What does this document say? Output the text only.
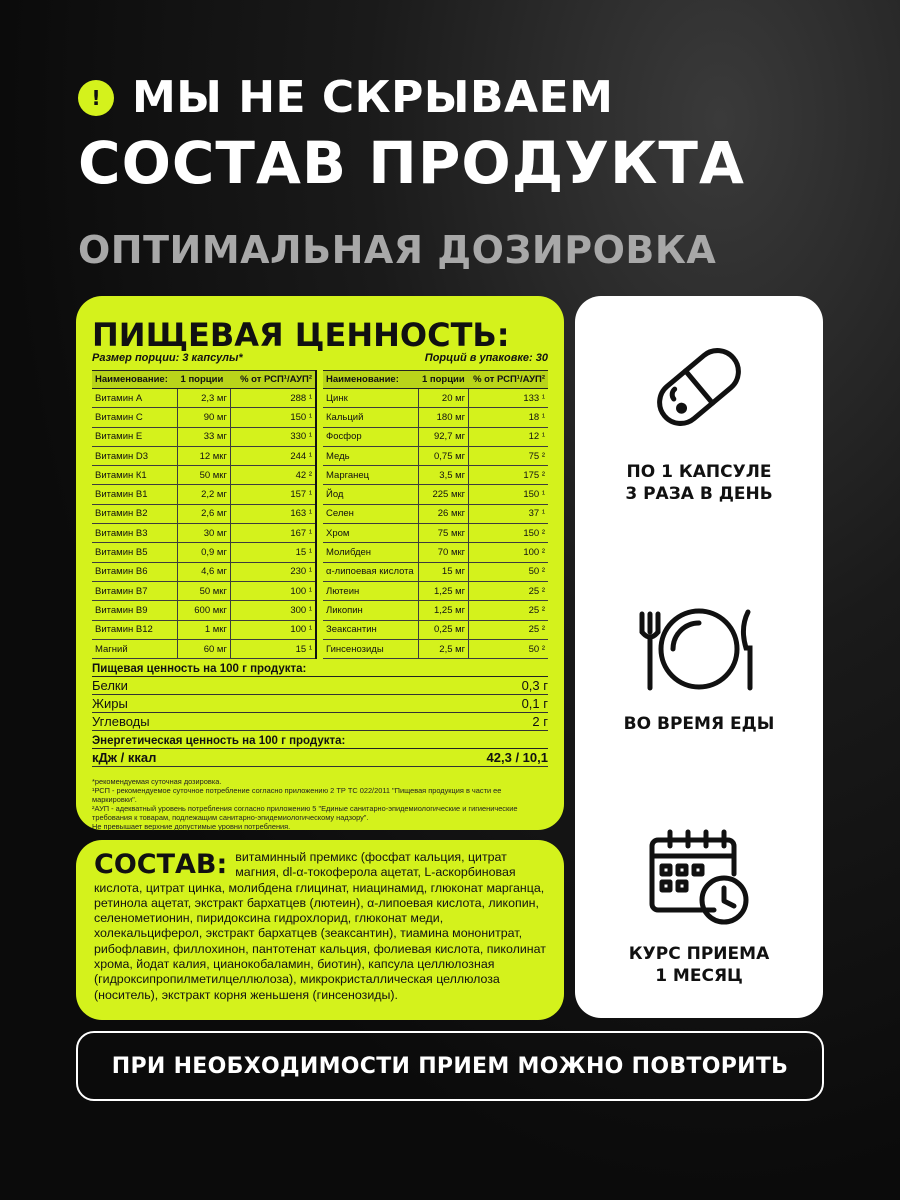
! МЫ НЕ СКРЫВАЕМ
СОСТАВ ПРОДУКТА
ОПТИМАЛЬНАЯ ДОЗИРОВКА
ПИЩЕВАЯ ЦЕННОСТЬ:
Размер порции: 3 капсулы*	Порций в упаковке: 30
Наименование:	1 порции	% от РСП¹/АУП²
Витамин А	2,3 мг	288 ¹
Витамин С	90 мг	150 ¹
Витамин Е	33 мг	330 ¹
Витамин D3	12 мкг	244 ¹
Витамин К1	50 мкг	42 ²
Витамин В1	2,2 мг	157 ¹
Витамин В2	2,6 мг	163 ¹
Витамин В3	30 мг	167 ¹
Витамин В5	0,9 мг	15 ¹
Витамин В6	4,6 мг	230 ¹
Витамин В7	50 мкг	100 ¹
Витамин В9	600 мкг	300 ¹
Витамин В12	1 мкг	100 ¹
Магний	60 мг	15 ¹
Наименование:	1 порции	% от РСП¹/АУП²
Цинк	20 мг	133 ¹
Кальций	180 мг	18 ¹
Фосфор	92,7 мг	12 ¹
Медь	0,75 мг	75 ²
Марганец	3,5 мг	175 ²
Йод	225 мкг	150 ¹
Селен	26 мкг	37 ¹
Хром	75 мкг	150 ²
Молибден	70 мкг	100 ²
α-липоевая кислота	15 мг	50 ²
Лютеин	1,25 мг	25 ²
Ликопин	1,25 мг	25 ²
Зеаксантин	0,25 мг	25 ²
Гинсенозиды	2,5 мг	50 ²
Пищевая ценность на 100 г продукта:
Белки	0,3 г
Жиры	0,1 г
Углеводы	2 г
Энергетическая ценность на 100 г продукта:
кДж / ккал	42,3 / 10,1
*рекомендуемая суточная дозировка.
¹РСП - рекомендуемое суточное потребление согласно приложению 2 ТР ТС 022/2011 "Пищевая продукция в части ее маркировки".
²АУП - адекватный уровень потребления согласно приложению 5 "Единые санитарно-эпидемиологические и гигиенические требования к товарам, подлежащим санитарно-эпидемиологическому надзору".
Не превышает верхние допустимые уровни потребления.
СОСТАВ: витаминный премикс (фосфат кальция, цитрат магния, dl-α-токоферола ацетат, L-аскорбиновая кислота, цитрат цинка, молибдена глицинат, ниацинамид, глюконат марганца, ретинола ацетат, экстракт бархатцев (лютеин), α-липоевая кислота, ликопин, селенометионин, пиридоксина гидрохлорид, глюконат меди, холекальциферол, экстракт бархатцев (зеаксантин), тиамина мононитрат, рибофлавин, филлохинон, пантотенат кальция, фолиевая кислота, пиколинат хрома, йодат калия, цианокобаламин, биотин), капсула целлюлозная (гидроксипропилметилцеллюлоза), микрокристаллическая целлюлоза (носитель), экстракт корня женьшеня (гинсенозиды).
ПО 1 КАПСУЛЕ
3 РАЗА В ДЕНЬ
ВО ВРЕМЯ ЕДЫ
КУРС ПРИЕМА
1 МЕСЯЦ
ПРИ НЕОБХОДИМОСТИ ПРИЕМ МОЖНО ПОВТОРИТЬ
